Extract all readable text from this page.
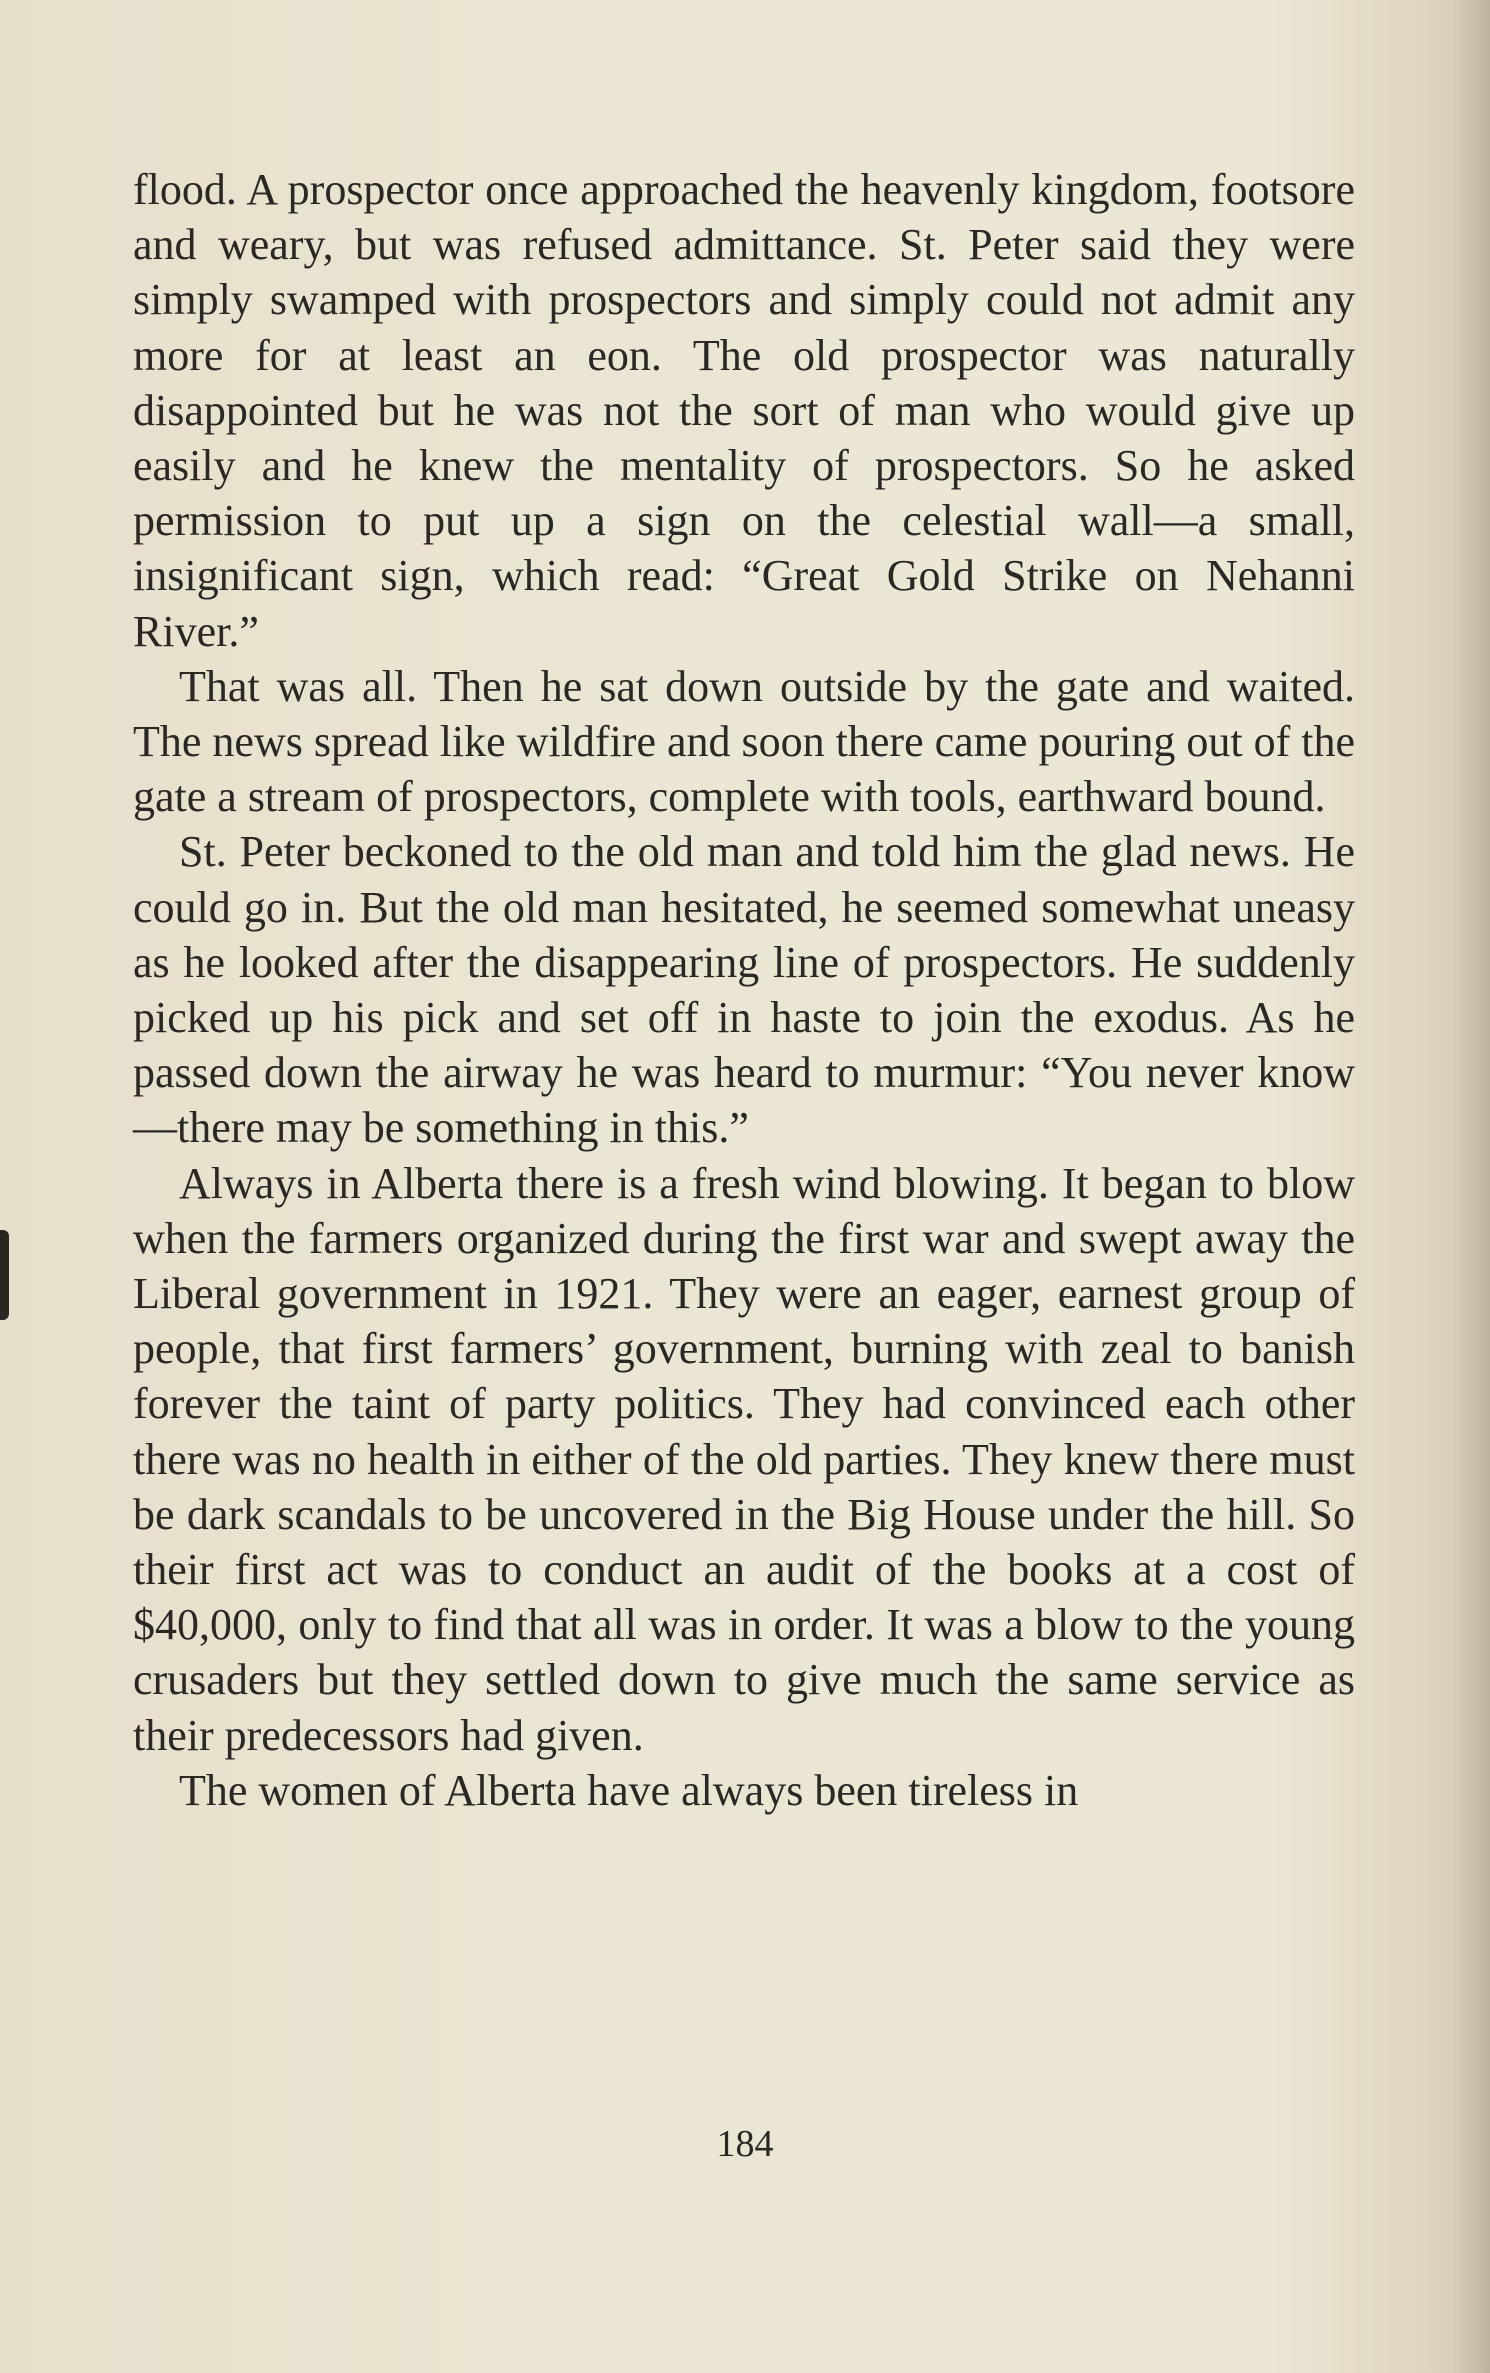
flood. A prospector once approached the heavenly kingdom, footsore and weary, but was refused admittance. St. Peter said they were simply swamped with prospectors and simply could not admit any more for at least an eon. The old prospector was naturally disappointed but he was not the sort of man who would give up easily and he knew the mentality of prospectors. So he asked permission to put up a sign on the celestial wall—a small, insignificant sign, which read: “Great Gold Strike on Nehanni River.”

That was all. Then he sat down outside by the gate and waited. The news spread like wildfire and soon there came pouring out of the gate a stream of prospectors, complete with tools, earthward bound.

St. Peter beckoned to the old man and told him the glad news. He could go in. But the old man hesitated, he seemed somewhat uneasy as he looked after the disappearing line of prospectors. He suddenly picked up his pick and set off in haste to join the exodus. As he passed down the airway he was heard to murmur: “You never know—there may be something in this.”

Always in Alberta there is a fresh wind blowing. It began to blow when the farmers organized during the first war and swept away the Liberal government in 1921. They were an eager, earnest group of people, that first farmers’ government, burning with zeal to banish forever the taint of party politics. They had convinced each other there was no health in either of the old parties. They knew there must be dark scandals to be uncovered in the Big House under the hill. So their first act was to conduct an audit of the books at a cost of $40,000, only to find that all was in order. It was a blow to the young crusaders but they settled down to give much the same service as their predecessors had given.

The women of Alberta have always been tireless in

184
